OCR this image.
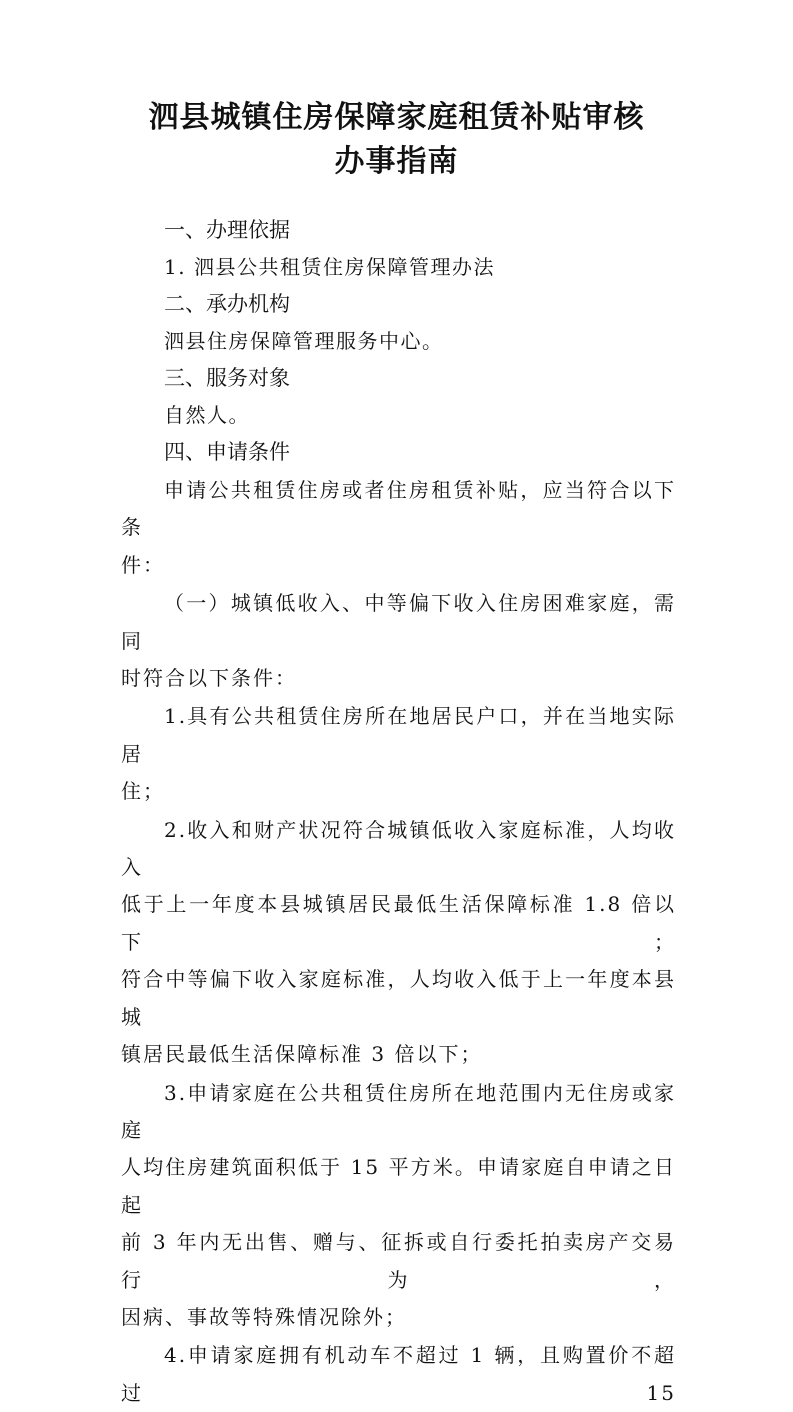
泗县城镇住房保障家庭租赁补贴审核
办事指南

一、办理依据

1. 泗县公共租赁住房保障管理办法

二、承办机构

泗县住房保障管理服务中心。

三、服务对象

自然人。

四、申请条件

申请公共租赁住房或者住房租赁补贴，应当符合以下条
件：

（一）城镇低收入、中等偏下收入住房困难家庭，需同
时符合以下条件：

1.具有公共租赁住房所在地居民户口，并在当地实际居
住；

2.收入和财产状况符合城镇低收入家庭标准，人均收入
低于上一年度本县城镇居民最低生活保障标准 1.8 倍以下；
符合中等偏下收入家庭标准，人均收入低于上一年度本县城
镇居民最低生活保障标准 3 倍以下；

3.申请家庭在公共租赁住房所在地范围内无住房或家庭
人均住房建筑面积低于 15 平方米。申请家庭自申请之日起
前 3 年内无出售、赠与、征拆或自行委托拍卖房产交易行为，
因病、事故等特殊情况除外；

4.申请家庭拥有机动车不超过 1 辆，且购置价不超过 15
